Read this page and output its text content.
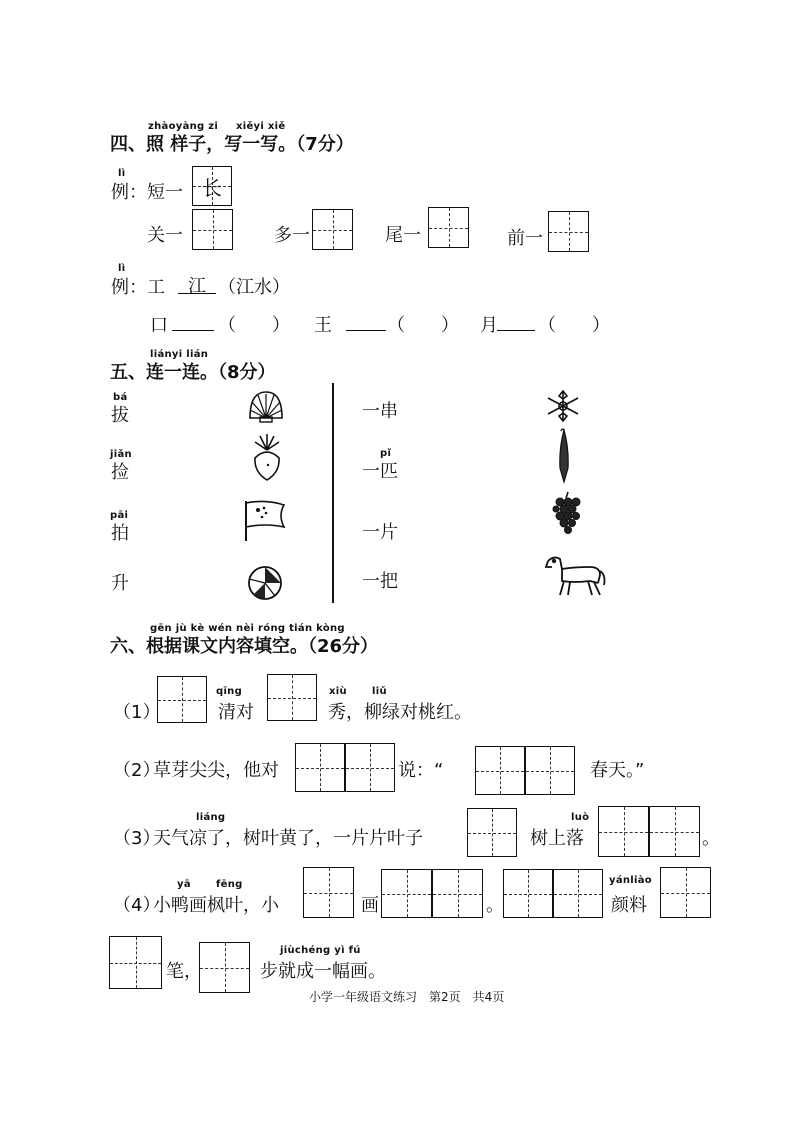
zhàoyàng zi xiěyi xiě
四、照 样子，写一写。（7分）
lì
例：短一 长
关一	多一	尾一	前一
lì
例：工 江 （江水）
口	（　　） 王	（　　） 月 （　　）
liányi lián
五、连一连。（8分）
bá
拔
jiǎn
捡
pāi
拍
升
一串
pǐ
一匹
一片
一把
gēn jù kè wén nèi róng tián kòng
六、根据课文内容填空。（26分）
（1）
qīng
清对
xiù	liǔ
秀，柳绿对桃红。
（2）
草芽尖尖，他对	说：“	春天。”
（3）
liáng
天气凉了，树叶黄了，一片片叶子
luò
树上落	。
（4）
yā	fēng
小鸭画枫叶，小	画	。
yánliào
颜料
笔，
jiùchéng yì fú
步就成一幅画。
小学一年级语文练习　第2页　共4页
